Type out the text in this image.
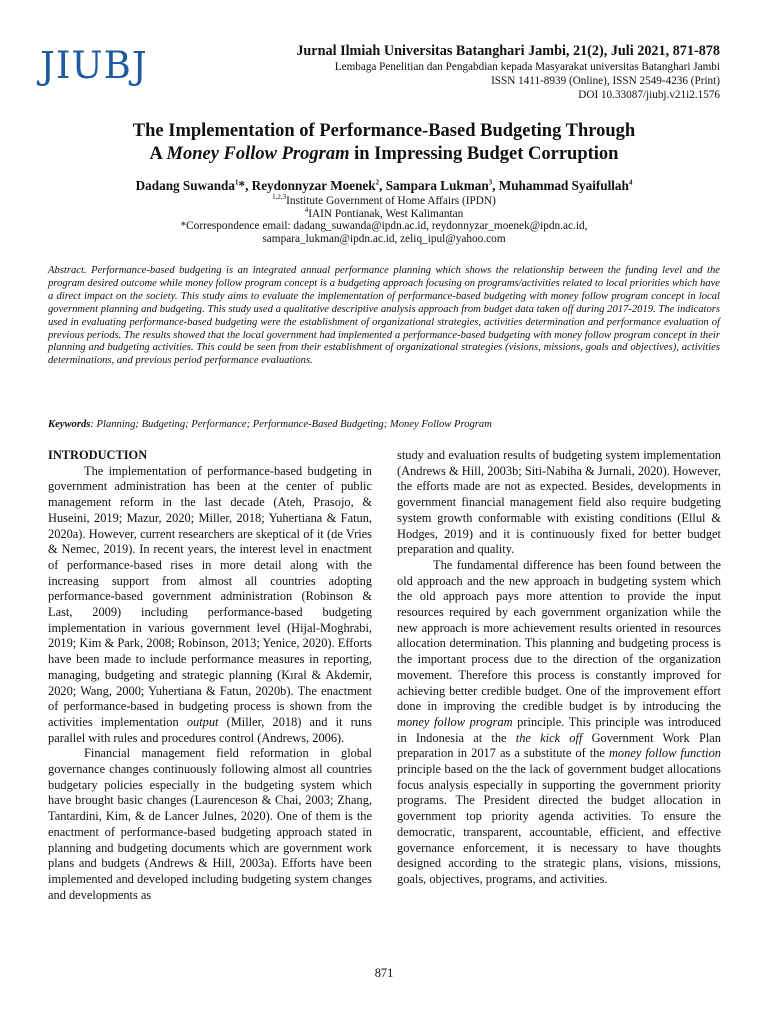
JIUBJ	Jurnal Ilmiah Universitas Batanghari Jambi, 21(2), Juli 2021, 871-878
Lembaga Penelitian dan Pengabdian kepada Masyarakat universitas Batanghari Jambi
ISSN 1411-8939 (Online), ISSN 2549-4236 (Print)
DOI 10.33087/jiubj.v21i2.1576
The Implementation of Performance-Based Budgeting Through
A Money Follow Program in Impressing Budget Corruption
Dadang Suwanda$^1$*, Reydonnyzar Moenek$^2$, Sampara Lukman$^3$, Muhammad Syaifullah$^4$
$^{1,2,3}$Institute Government of Home Affairs (IPDN)
$^4$IAIN Pontianak, West Kalimantan
*Correspondence email: dadang_suwanda@ipdn.ac.id, reydonnyzar_moenek@ipdn.ac.id,
sampara_lukman@ipdn.ac.id, zeliq_ipul@yahoo.com
Abstract. Performance-based budgeting is an integrated annual performance planning which shows the relationship between the funding level and the program desired outcome while money follow program concept is a budgeting approach focusing on programs/activities related to local priorities which have a direct impact on the society. This study aims to evaluate the implementation of performance-based budgeting with money follow program concept in local government planning and budgeting. This study used a qualitative descriptive analysis approach from budget data taken off during 2017-2019. The indicators used in evaluating performance-based budgeting were the establishment of organizational strategies, activities determination and performance evaluation of previous periods. The results showed that the local government had implemented a performance-based budgeting with money follow program concept in their planning and budgeting activities. This could be seen from their establishment of organizational strategies (visions, missions, goals and objectives), activities determinations, and previous period performance evaluations.
Keywords: Planning; Budgeting; Performance; Performance-Based Budgeting; Money Follow Program
INTRODUCTION

The implementation of performance-based budgeting in government administration has been at the center of public management reform in the last decade (Ateh, Prasojo, & Huseini, 2019; Mazur, 2020; Miller, 2018; Yuhertiana & Fatun, 2020a). However, current researchers are skeptical of it (de Vries & Nemec, 2019). In recent years, the interest level in enactment of performance-based rises in more detail along with the increasing support from almost all countries adopting performance-based government administration (Robinson & Last, 2009) including performance-based budgeting implementation in various government level (Hijal-Moghrabi, 2019; Kim & Park, 2008; Robinson, 2013; Yenice, 2020). Efforts have been made to include performance measures in reporting, managing, budgeting and strategic planning (Kıral & Akdemir, 2020; Wang, 2000; Yuhertiana & Fatun, 2020b). The enactment of performance-based in budgeting process is shown from the activities implementation output (Miller, 2018) and it runs parallel with rules and procedures control (Andrews, 2006).

Financial management field reformation in global governance changes continuously following almost all countries budgetary policies especially in the budgeting system which have brought basic changes (Laurenceson & Chai, 2003; Zhang, Tantardini, Kim, & de Lancer Julnes, 2020). One of them is the enactment of performance-based budgeting approach stated in planning and budgeting documents which are government work plans and budgets (Andrews & Hill, 2003a). Efforts have been implemented and developed including budgeting system changes and developments as

study and evaluation results of budgeting system implementation (Andrews & Hill, 2003b; Siti-Nabiha & Jurnali, 2020). However, the efforts made are not as expected. Besides, developments in government financial management field also require budgeting system growth conformable with existing conditions (Ellul & Hodges, 2019) and it is continuously fixed for better budget preparation and quality.

The fundamental difference has been found between the old approach and the new approach in budgeting system which the old approach pays more attention to provide the input resources required by each government organization while the new approach is more achievement results oriented in resources allocation determination. This planning and budgeting process is the important process due to the direction of the organization movement. Therefore this process is constantly improved for achieving better credible budget. One of the improvement effort done in improving the credible budget is by introducing the money follow program principle. This principle was introduced in Indonesia at the the kick off Government Work Plan preparation in 2017 as a substitute of the money follow function principle based on the the lack of government budget allocations focus analysis especially in supporting the government priority programs. The President directed the budget allocation in government top priority agenda activities. To ensure the democratic, transparent, accountable, efficient, and effective governance enforcement, it is necessary to have thoughts designed according to the strategic plans, visions, missions, goals, objectives, programs, and activities.

871
